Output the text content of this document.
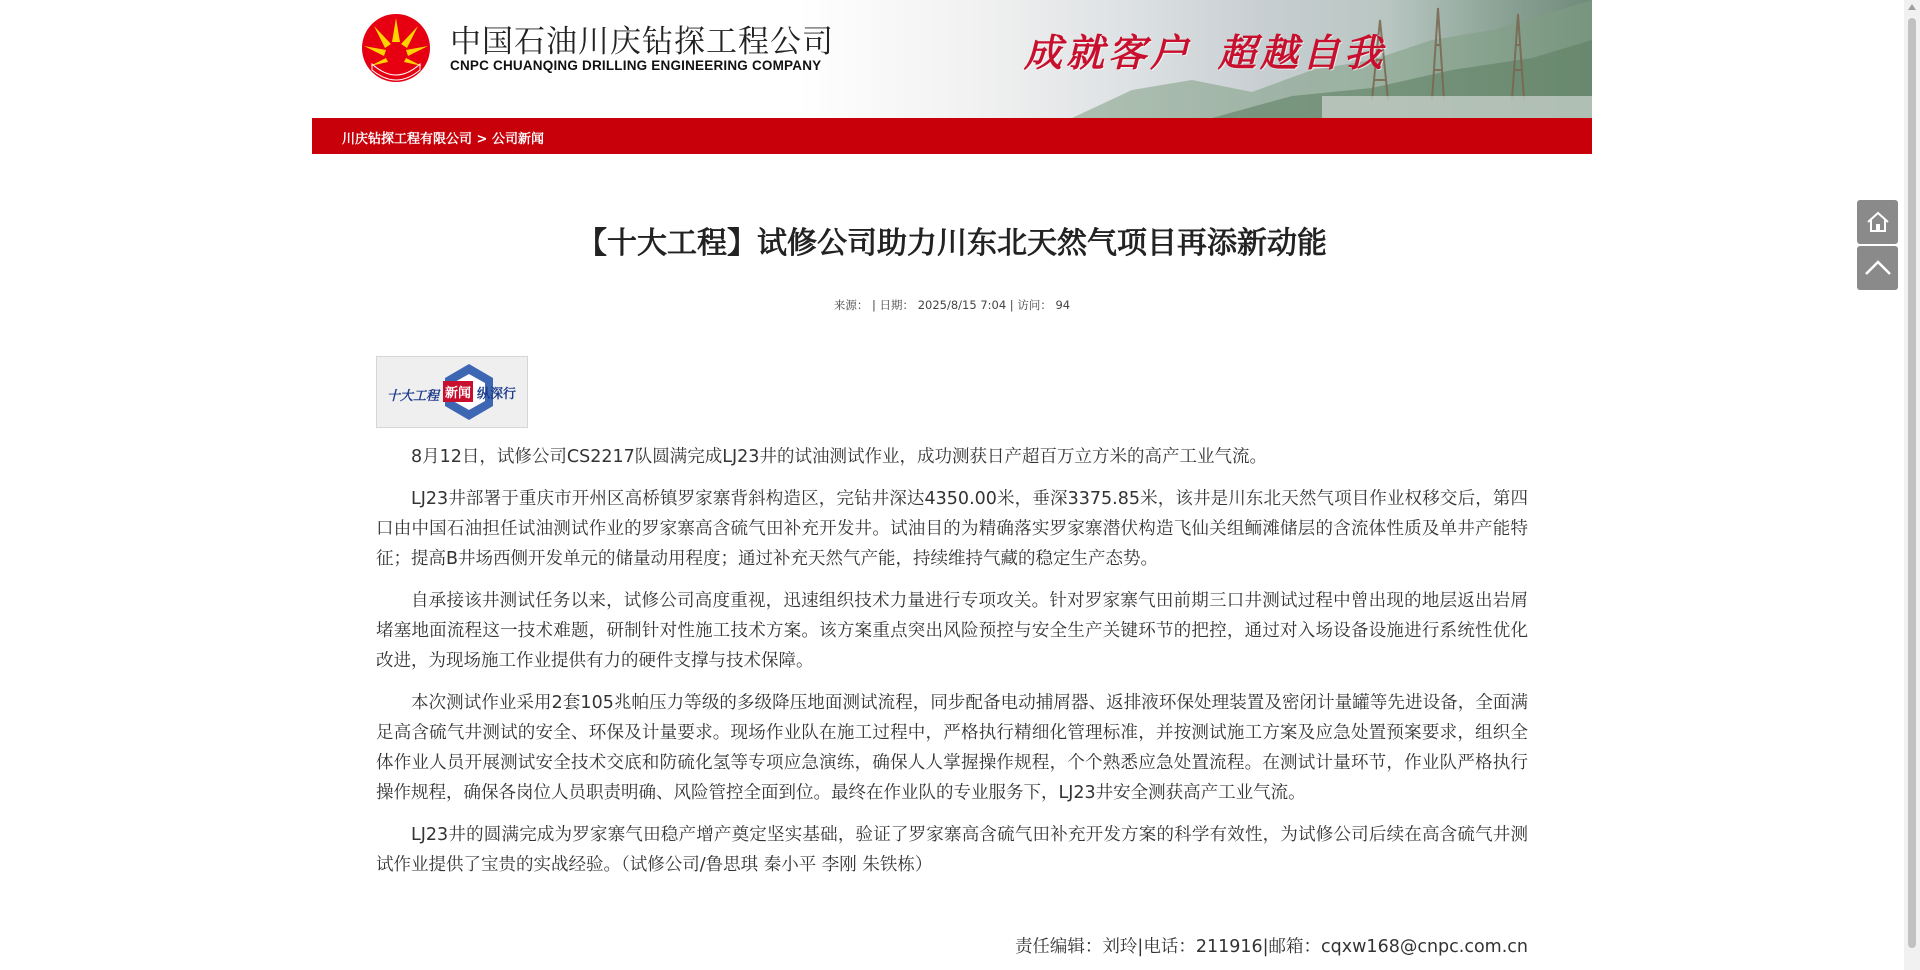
中国石油川庆钻探工程公司
CNPC CHUANQING DRILLING ENGINEERING COMPANY	成就客户 超越自我
川庆钻探工程有限公司 > 公司新闻
【十大工程】试修公司助力川东北天然气项目再添新动能
来源： | 日期： 2025/8/15 7:04 | 访问： 94
十大工程 新闻 纵深行

8月12日，试修公司CS2217队圆满完成LJ23井的试油测试作业，成功测获日产超百万立方米的高产工业气流。

LJ23井部署于重庆市开州区高桥镇罗家寨背斜构造区，完钻井深达4350.00米，垂深3375.85米，该井是川东北天然气项目作业权移交后，第四口由中国石油担任试油测试作业的罗家寨高含硫气田补充开发井。试油目的为精确落实罗家寨潜伏构造飞仙关组鲕滩储层的含流体性质及单井产能特征；提高B井场西侧开发单元的储量动用程度；通过补充天然气产能，持续维持气藏的稳定生产态势。

自承接该井测试任务以来，试修公司高度重视，迅速组织技术力量进行专项攻关。针对罗家寨气田前期三口井测试过程中曾出现的地层返出岩屑堵塞地面流程这一技术难题，研制针对性施工技术方案。该方案重点突出风险预控与安全生产关键环节的把控，通过对入场设备设施进行系统性优化改进，为现场施工作业提供有力的硬件支撑与技术保障。

本次测试作业采用2套105兆帕压力等级的多级降压地面测试流程，同步配备电动捕屑器、返排液环保处理装置及密闭计量罐等先进设备，全面满足高含硫气井测试的安全、环保及计量要求。现场作业队在施工过程中，严格执行精细化管理标准，并按测试施工方案及应急处置预案要求，组织全体作业人员开展测试安全技术交底和防硫化氢等专项应急演练，确保人人掌握操作规程，个个熟悉应急处置流程。在测试计量环节，作业队严格执行操作规程，确保各岗位人员职责明确、风险管控全面到位。最终在作业队的专业服务下，LJ23井安全测获高产工业气流。

LJ23井的圆满完成为罗家寨气田稳产增产奠定坚实基础，验证了罗家寨高含硫气田补充开发方案的科学有效性，为试修公司后续在高含硫气井测试作业提供了宝贵的实战经验。（试修公司/鲁思琪 秦小平 李刚 朱铁栋）

责任编辑：刘玲|电话：211916|邮箱：cqxw168@cnpc.com.cn
